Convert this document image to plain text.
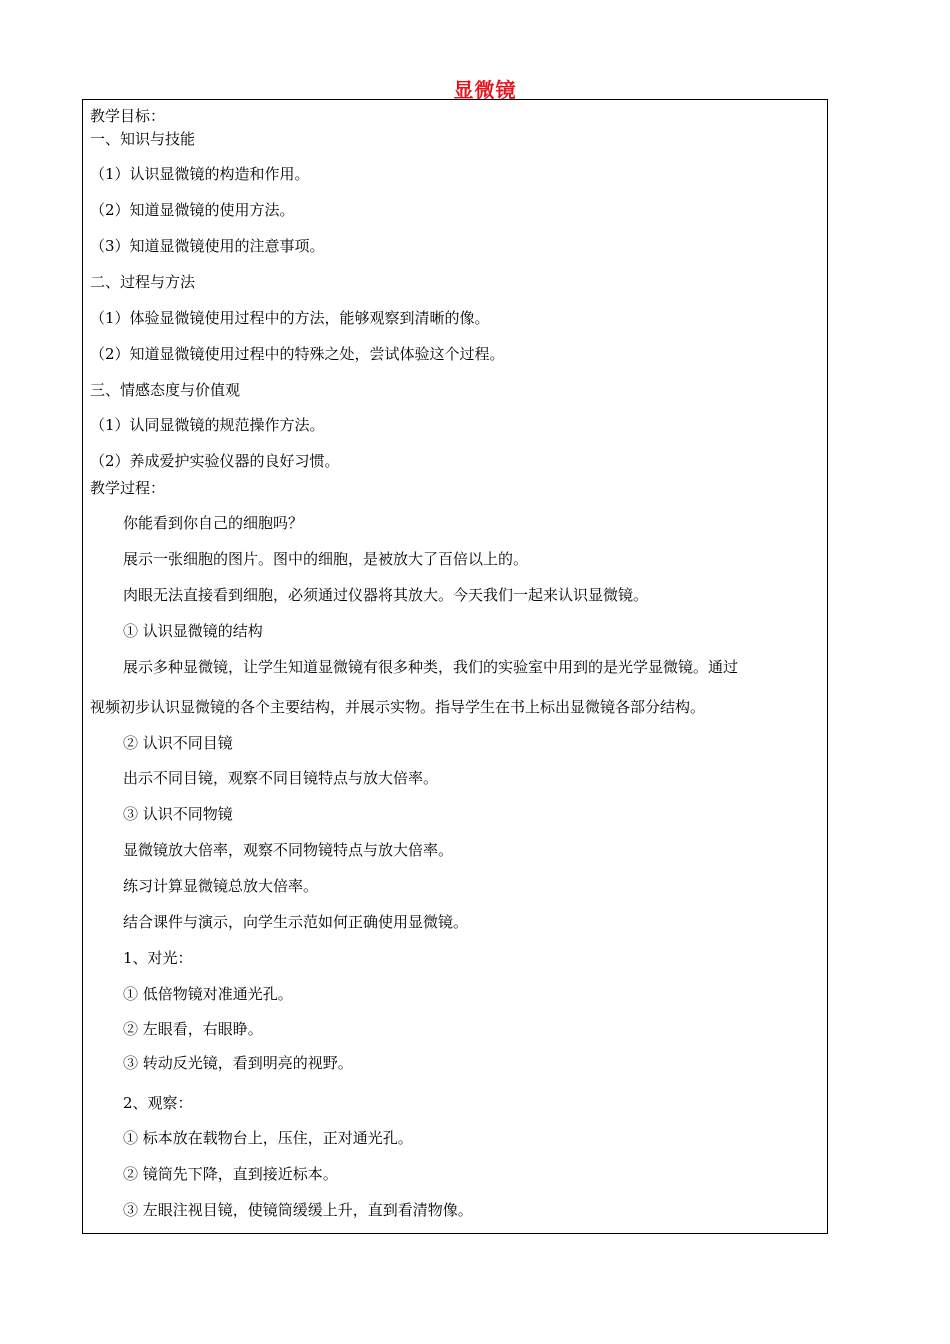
显微镜
教学目标：
一、知识与技能
（1）认识显微镜的构造和作用。
（2）知道显微镜的使用方法。
（3）知道显微镜使用的注意事项。
二、过程与方法
（1）体验显微镜使用过程中的方法，能够观察到清晰的像。
（2）知道显微镜使用过程中的特殊之处，尝试体验这个过程。
三、情感态度与价值观
（1）认同显微镜的规范操作方法。
（2）养成爱护实验仪器的良好习惯。
教学过程：
你能看到你自己的细胞吗？
展示一张细胞的图片。图中的细胞，是被放大了百倍以上的。
肉眼无法直接看到细胞，必须通过仪器将其放大。今天我们一起来认识显微镜。
① 认识显微镜的结构
展示多种显微镜，让学生知道显微镜有很多种类，我们的实验室中用到的是光学显微镜。通过
视频初步认识显微镜的各个主要结构，并展示实物。指导学生在书上标出显微镜各部分结构。
② 认识不同目镜
出示不同目镜，观察不同目镜特点与放大倍率。
③ 认识不同物镜
显微镜放大倍率，观察不同物镜特点与放大倍率。
练习计算显微镜总放大倍率。
结合课件与演示，向学生示范如何正确使用显微镜。
1、对光：
① 低倍物镜对准通光孔。
② 左眼看，右眼睁。
③ 转动反光镜，看到明亮的视野。
2、观察：
① 标本放在载物台上，压住，正对通光孔。
② 镜筒先下降，直到接近标本。
③ 左眼注视目镜，使镜筒缓缓上升，直到看清物像。
